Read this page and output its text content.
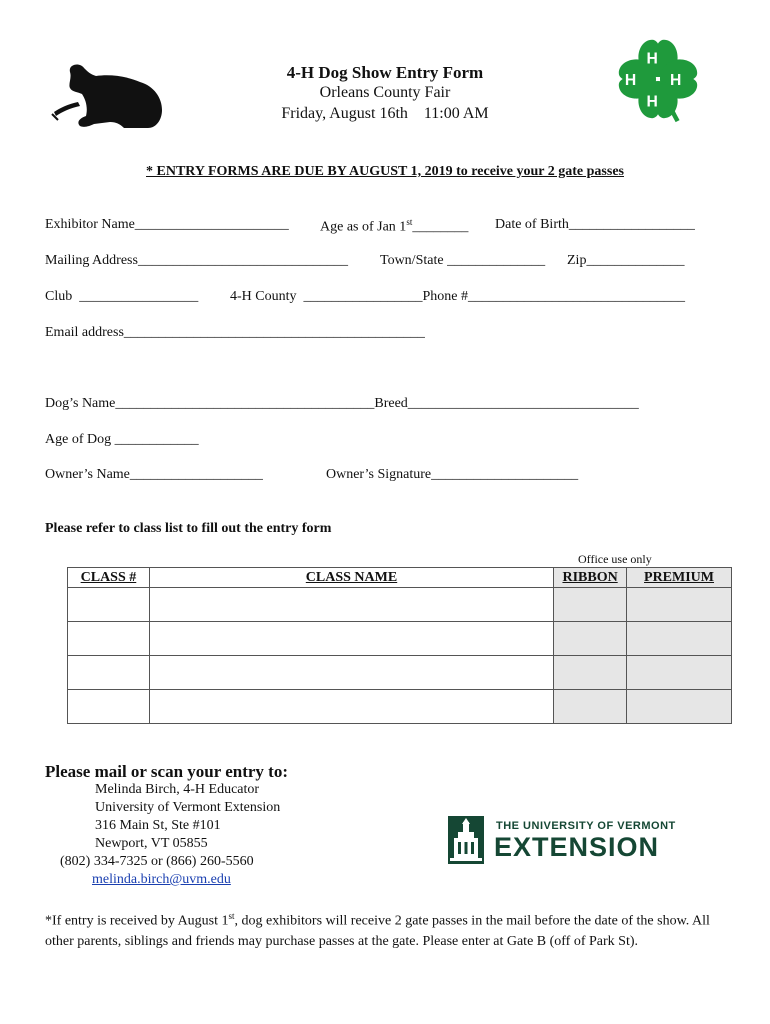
H
H
H
H
4-H Dog Show Entry Form
Orleans County Fair
Friday, August 16th    11:00 AM
* ENTRY FORMS ARE DUE BY AUGUST 1, 2019 to receive your 2 gate passes
Exhibitor Name______________________ Age as of Jan 1st________ Date of Birth__________________
Mailing Address______________________________ Town/State ______________ Zip______________
Club  _________________ 4-H County  _________________Phone #_______________________________
Email address___________________________________________
Dog’s Name_____________________________________Breed_________________________________
Age of Dog ____________
Owner’s Name___________________	Owner’s Signature_____________________
Please refer to class list to fill out the entry form
Office use only
CLASS #	CLASS NAME	RIBBON	PREMIUM

Please mail or scan your entry to:
Melinda Birch, 4-H Educator
University of Vermont Extension
316 Main St, Ste #101
Newport, VT 05855
(802) 334-7325 or (866) 260-5560
melinda.birch@uvm.edu
THE UNIVERSITY OF VERMONT
EXTENSION
*If entry is received by August 1st, dog exhibitors will receive 2 gate passes in the mail before the date of the show. All other parents, siblings and friends may purchase passes at the gate. Please enter at Gate B (off of Park St).
